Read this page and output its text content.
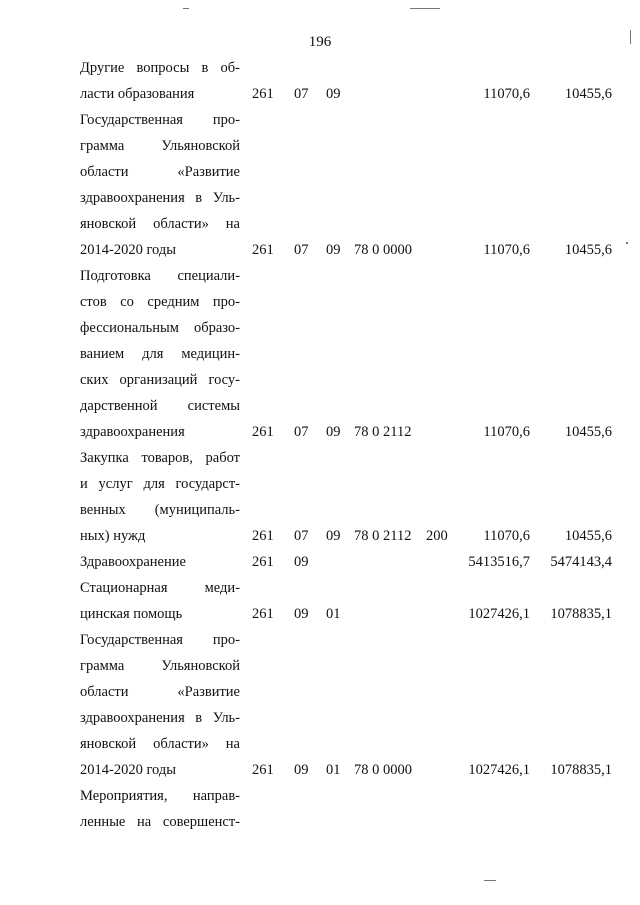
196
Другие вопросы в об-
ласти образования	261 07 09	11070,6	10455,6
Государственная про-
грамма Ульяновской
области «Развитие
здравоохранения в Уль-
яновской области» на
2014-2020 годы	261 07 09 78 0 0000	11070,6	10455,6
Подготовка специали-
стов со средним про-
фессиональным образо-
ванием для медицин-
ских организаций госу-
дарственной системы
здравоохранения	261 07 09 78 0 2112	11070,6	10455,6
Закупка товаров, работ
и услуг для государст-
венных (муниципаль-
ных) нужд	261 07 09 78 0 2112 200	11070,6	10455,6
Здравоохранение	261 09	5413516,7	5474143,4
Стационарная меди-
цинская помощь	261 09 01	1027426,1	1078835,1
Государственная про-
грамма Ульяновской
области «Развитие
здравоохранения в Уль-
яновской области» на
2014-2020 годы	261 09 01 78 0 0000	1027426,1	1078835,1
Мероприятия, направ-
ленные на совершенст-
